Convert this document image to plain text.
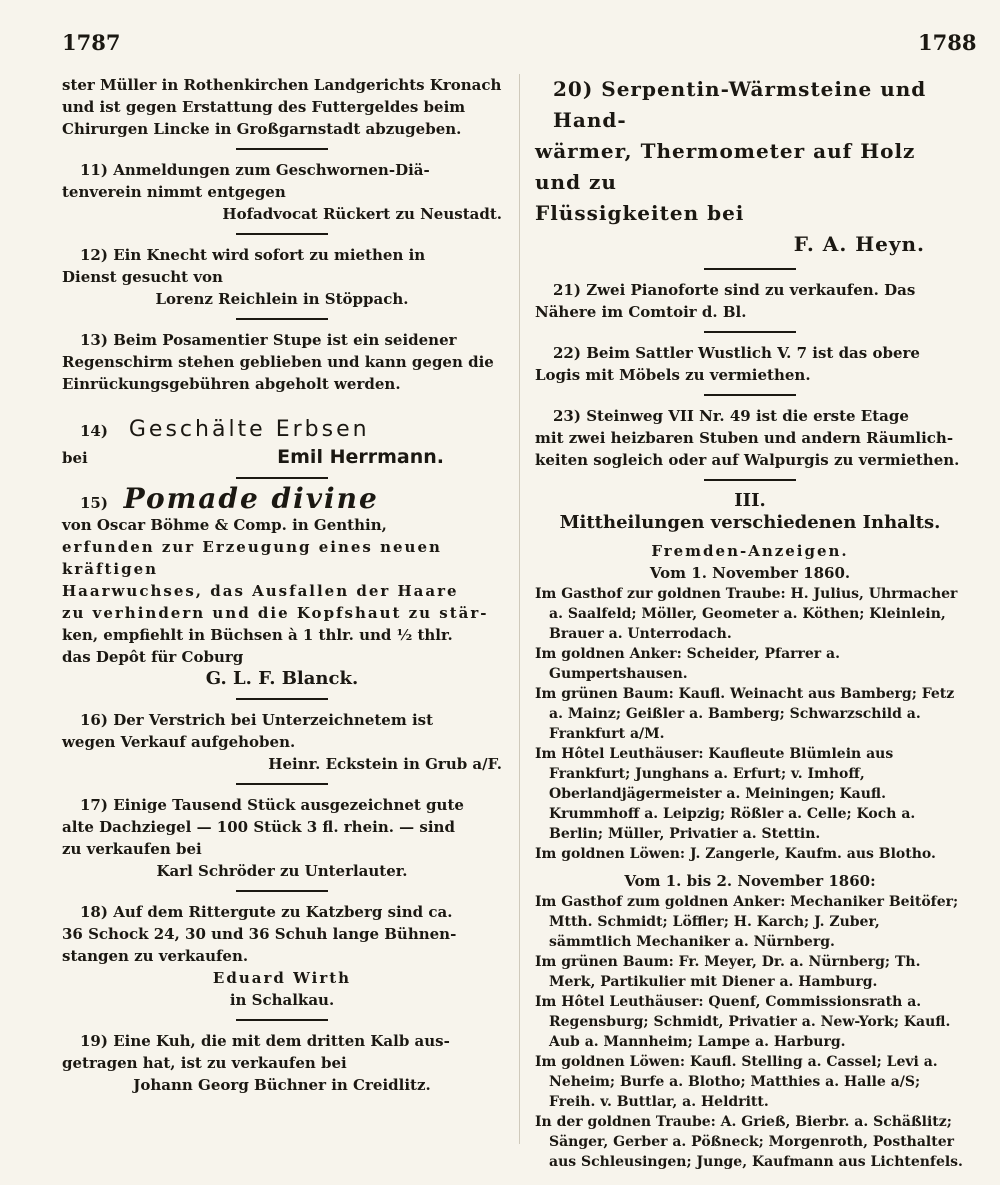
1787	1788

ster Müller in Rothenkirchen Landgerichts Kronach

und ist gegen Erstattung des Futtergeldes beim

Chirurgen Lincke in Großgarnstadt abzugeben.

11) Anmeldungen zum Geschwornen-Diä-

tenverein nimmt entgegen

Hofadvocat Rückert zu Neustadt.

12) Ein Knecht wird sofort zu miethen in

Dienst gesucht von

Lorenz Reichlein in Stöppach.

13) Beim Posamentier Stupe ist ein seidener

Regenschirm stehen geblieben und kann gegen die

Einrückungsgebühren abgeholt werden.

14) Geschälte Erbsen

bei	Emil Herrmann.

15) Pomade divine

von Oscar Böhme & Comp. in Genthin,

erfunden zur Erzeugung eines neuen kräftigen

Haarwuchses, das Ausfallen der Haare

zu verhindern und die Kopfshaut zu stär-

ken, empfiehlt in Büchsen à 1 thlr. und ½ thlr.

das Depôt für Coburg

G. L. F. Blanck.

16) Der Verstrich bei Unterzeichnetem ist

wegen Verkauf aufgehoben.

Heinr. Eckstein in Grub a/F.

17) Einige Tausend Stück ausgezeichnet gute

alte Dachziegel — 100 Stück 3 fl. rhein. — sind

zu verkaufen bei

Karl Schröder zu Unterlauter.

18) Auf dem Rittergute zu Katzberg sind ca.

36 Schock 24, 30 und 36 Schuh lange Bühnen-

stangen zu verkaufen.

Eduard Wirth

in Schalkau.

19) Eine Kuh, die mit dem dritten Kalb aus-

getragen hat, ist zu verkaufen bei

Johann Georg Büchner in Creidlitz.

20) Serpentin-Wärmsteine und Hand-

wärmer, Thermometer auf Holz und zu

Flüssigkeiten bei

F. A. Heyn.

21) Zwei Pianoforte sind zu verkaufen. Das

Nähere im Comtoir d. Bl.

22) Beim Sattler Wustlich V. 7 ist das obere

Logis mit Möbels zu vermiethen.

23) Steinweg VII Nr. 49 ist die erste Etage

mit zwei heizbaren Stuben und andern Räumlich-

keiten sogleich oder auf Walpurgis zu vermiethen.

III.

Mittheilungen verschiedenen Inhalts.

Fremden-Anzeigen.

Vom 1. November 1860.

Im Gasthof zur goldnen Traube: H. Julius, Uhrmacher a. Saalfeld; Möller, Geometer a. Köthen; Kleinlein, Brauer a. Unterrodach.

Im goldnen Anker: Scheider, Pfarrer a. Gumpertshausen.

Im grünen Baum: Kaufl. Weinacht aus Bamberg; Fetz a. Mainz; Geißler a. Bamberg; Schwarzschild a. Frankfurt a/M.

Im Hôtel Leuthäuser: Kaufleute Blümlein aus Frankfurt; Junghans a. Erfurt; v. Imhoff, Oberlandjägermeister a. Meiningen; Kaufl. Krummhoff a. Leipzig; Rößler a. Celle; Koch a. Berlin; Müller, Privatier a. Stettin.

Im goldnen Löwen: J. Zangerle, Kaufm. aus Blotho.

Vom 1. bis 2. November 1860:

Im Gasthof zum goldnen Anker: Mechaniker Beitöfer; Mtth. Schmidt; Löffler; H. Karch; J. Zuber, sämmtlich Mechaniker a. Nürnberg.

Im grünen Baum: Fr. Meyer, Dr. a. Nürnberg; Th. Merk, Partikulier mit Diener a. Hamburg.

Im Hôtel Leuthäuser: Quenf, Commissionsrath a. Regensburg; Schmidt, Privatier a. New-York; Kaufl. Aub a. Mannheim; Lampe a. Harburg.

Im goldnen Löwen: Kaufl. Stelling a. Cassel; Levi a. Neheim; Burfe a. Blotho; Matthies a. Halle a/S; Freih. v. Buttlar, a. Heldritt.

In der goldnen Traube: A. Grieß, Bierbr. a. Schäßlitz; Sänger, Gerber a. Pößneck; Morgenroth, Posthalter aus Schleusingen; Junge, Kaufmann aus Lichtenfels.
